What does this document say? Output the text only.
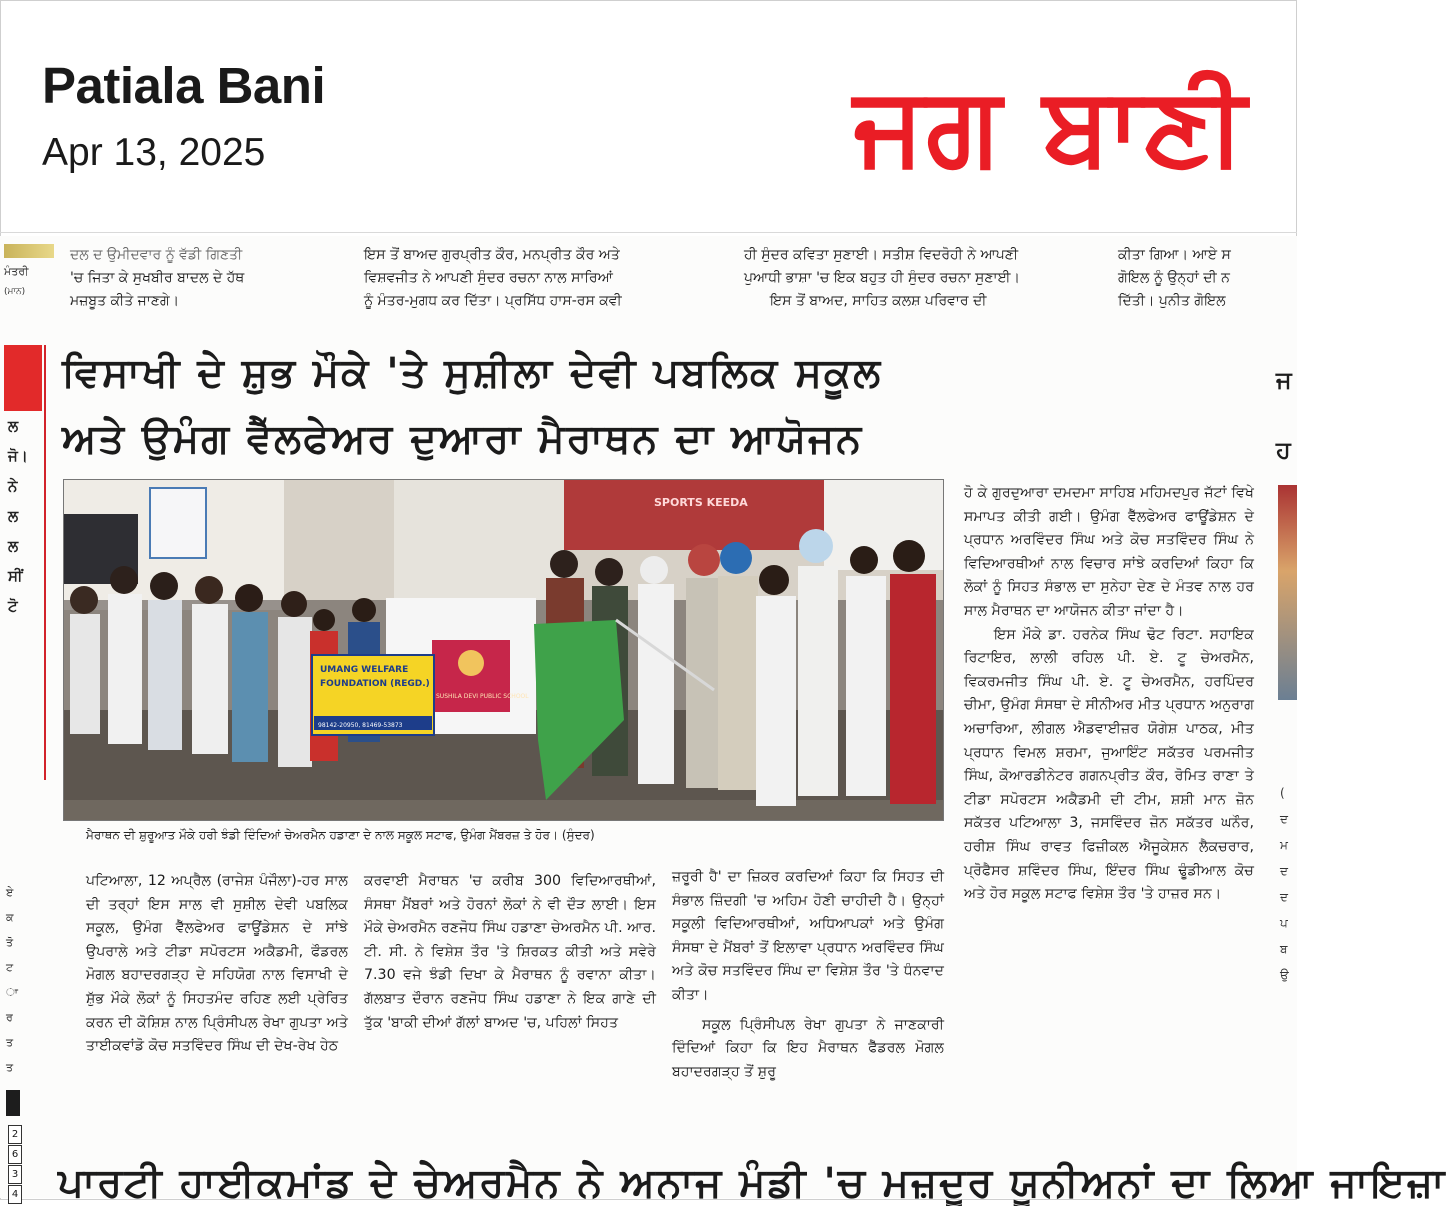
Patiala Bani
Apr 13, 2025	ਜਗ ਬਾਣੀ
ਮੰਤਰੀ
(ਮਾਨ)
ਦਲ ਦ ਉਮੀਦਵਾਰ ਨੂੰ ਵੱਡੀ ਗਿਣਤੀ
'ਚ ਜਿਤਾ ਕੇ ਸੁਖਬੀਰ ਬਾਦਲ ਦੇ ਹੱਥ
ਮਜ਼ਬੂਤ ਕੀਤੇ ਜਾਣਗੇ।
ਇਸ ਤੋਂ ਬਾਅਦ ਗੁਰਪ੍ਰੀਤ ਕੌਰ, ਮਨਪ੍ਰੀਤ ਕੌਰ ਅਤੇ
ਵਿਸ਼ਵਜੀਤ ਨੇ ਆਪਣੀ ਸੁੰਦਰ ਰਚਨਾ ਨਾਲ ਸਾਰਿਆਂ
ਨੂੰ ਮੰਤਰ-ਮੁਗਧ ਕਰ ਦਿੱਤਾ। ਪ੍ਰਸਿੱਧ ਹਾਸ-ਰਸ ਕਵੀ
ਹੀ ਸੁੰਦਰ ਕਵਿਤਾ ਸੁਣਾਈ। ਸਤੀਸ਼ ਵਿਦਰੋਹੀ ਨੇ ਆਪਣੀ
ਪੁਆਧੀ ਭਾਸ਼ਾ 'ਚ ਇਕ ਬਹੁਤ ਹੀ ਸੁੰਦਰ ਰਚਨਾ ਸੁਣਾਈ।
ਇਸ ਤੋਂ ਬਾਅਦ, ਸਾਹਿਤ ਕਲਸ਼ ਪਰਿਵਾਰ ਦੀ
ਕੀਤਾ ਗਿਆ। ਆਏ ਸ
ਗੋਇਲ ਨੂੰ ਉਨ੍ਹਾਂ ਦੀ ਨ
ਦਿੱਤੀ। ਪੁਨੀਤ ਗੋਇਲ
ਲ
ਜੋ।
ਨੇ
ਲ
ਲ
ਸੀਂ
ਟੋ
ਏ
ਕ
ਤੋ
ਟ
ਾ
ਰ
ਤ
ਤ
2
6
3
4
ਵਿਸਾਖੀ ਦੇ ਸ਼ੁਭ ਮੌਕੇ 'ਤੇ ਸੁਸ਼ੀਲਾ ਦੇਵੀ ਪਬਲਿਕ ਸਕੂਲ
ਅਤੇ ਉਮੰਗ ਵੈੱਲਫੇਅਰ ਦੁਆਰਾ ਮੈਰਾਥਨ ਦਾ ਆਯੋਜਨ
SPORTS KEEDA
SUSHILA DEVI PUBLIC SCHOOL
UMANG WELFARE
FOUNDATION (REGD.)
98142-20950, 81469-53873
ਮੈਰਾਥਨ ਦੀ ਸ਼ੁਰੂਆਤ ਮੌਕੇ ਹਰੀ ਝੰਡੀ ਦਿੰਦਿਆਂ ਚੇਅਰਮੈਨ ਹਡਾਣਾ ਦੇ ਨਾਲ ਸਕੂਲ ਸਟਾਫ, ਉਮੰਗ ਮੈਂਬਰਜ਼ ਤੇ ਹੋਰ। (ਸੁੰਦਰ)
ਪਟਿਆਲਾ, 12 ਅਪ੍ਰੈਲ (ਰਾਜੇਸ਼ ਪੰਜੌਲਾ)-ਹਰ ਸਾਲ ਦੀ ਤਰ੍ਹਾਂ ਇਸ ਸਾਲ ਵੀ ਸੁਸ਼ੀਲ ਦੇਵੀ ਪਬਲਿਕ ਸਕੂਲ, ਉਮੰਗ ਵੈੱਲਫੇਅਰ ਫਾਊਂਡੇਸ਼ਨ ਦੇ ਸਾਂਝੇ ਉਪਰਾਲੇ ਅਤੇ ਟੀਡਾ ਸਪੋਰਟਸ ਅਕੈਡਮੀ, ਫੌਡਰਲ ਮੋਗਲ ਬਹਾਦਰਗੜ੍ਹ ਦੇ ਸਹਿਯੋਗ ਨਾਲ ਵਿਸਾਖੀ ਦੇ ਸ਼ੁੱਭ ਮੌਕੇ ਲੋਕਾਂ ਨੂੰ ਸਿਹਤਮੰਦ ਰਹਿਣ ਲਈ ਪ੍ਰੇਰਿਤ ਕਰਨ ਦੀ ਕੋਸ਼ਿਸ਼ ਨਾਲ ਪ੍ਰਿੰਸੀਪਲ ਰੇਖਾ ਗੁਪਤਾ ਅਤੇ ਤਾਈਕਵਾਂਡੋ ਕੋਚ ਸਤਵਿੰਦਰ ਸਿੰਘ ਦੀ ਦੇਖ-ਰੇਖ ਹੇਠ
ਕਰਵਾਈ ਮੈਰਾਥਨ 'ਚ ਕਰੀਬ 300 ਵਿਦਿਆਰਥੀਆਂ, ਸੰਸਥਾ ਮੈਂਬਰਾਂ ਅਤੇ ਹੋਰਨਾਂ ਲੋਕਾਂ ਨੇ ਵੀ ਦੌੜ ਲਾਈ। ਇਸ ਮੌਕੇ ਚੇਅਰਮੈਨ ਰਣਜੋਧ ਸਿੰਘ ਹਡਾਣਾ ਚੇਅਰਮੈਨ ਪੀ. ਆਰ. ਟੀ. ਸੀ. ਨੇ ਵਿਸ਼ੇਸ਼ ਤੌਰ 'ਤੇ ਸ਼ਿਰਕਤ ਕੀਤੀ ਅਤੇ ਸਵੇਰੇ 7.30 ਵਜੇ ਝੰਡੀ ਦਿਖਾ ਕੇ ਮੈਰਾਥਨ ਨੂੰ ਰਵਾਨਾ ਕੀਤਾ। ਗੱਲਬਾਤ ਦੌਰਾਨ ਰਣਜੋਧ ਸਿੰਘ ਹਡਾਣਾ ਨੇ ਇਕ ਗਾਣੇ ਦੀ ਤੁੱਕ 'ਬਾਕੀ ਦੀਆਂ ਗੱਲਾਂ ਬਾਅਦ 'ਚ, ਪਹਿਲਾਂ ਸਿਹਤ
ਜ਼ਰੂਰੀ ਹੈ' ਦਾ ਜ਼ਿਕਰ ਕਰਦਿਆਂ ਕਿਹਾ ਕਿ ਸਿਹਤ ਦੀ ਸੰਭਾਲ ਜ਼ਿੰਦਗੀ 'ਚ ਅਹਿਮ ਹੋਣੀ ਚਾਹੀਦੀ ਹੈ। ਉਨ੍ਹਾਂ ਸਕੂਲੀ ਵਿਦਿਆਰਥੀਆਂ, ਅਧਿਆਪਕਾਂ ਅਤੇ ਉਮੰਗ ਸੰਸਥਾ ਦੇ ਮੈਂਬਰਾਂ ਤੋਂ ਇਲਾਵਾ ਪ੍ਰਧਾਨ ਅਰਵਿੰਦਰ ਸਿੰਘ ਅਤੇ ਕੋਚ ਸਤਵਿੰਦਰ ਸਿੰਘ ਦਾ ਵਿਸ਼ੇਸ਼ ਤੌਰ 'ਤੇ ਧੰਨਵਾਦ ਕੀਤਾ।
ਸਕੂਲ ਪ੍ਰਿੰਸੀਪਲ ਰੇਖਾ ਗੁਪਤਾ ਨੇ ਜਾਣਕਾਰੀ ਦਿੰਦਿਆਂ ਕਿਹਾ ਕਿ ਇਹ ਮੈਰਾਥਨ ਫੈੱਡਰਲ ਮੋਗਲ ਬਹਾਦਰਗੜ੍ਹ ਤੋਂ ਸ਼ੁਰੂ
ਹੋ ਕੇ ਗੁਰਦੁਆਰਾ ਦਮਦਮਾ ਸਾਹਿਬ ਮਹਿਮਦਪੁਰ ਜੱਟਾਂ ਵਿਖੇ ਸਮਾਪਤ ਕੀਤੀ ਗਈ। ਉਮੰਗ ਵੈੱਲਫੇਅਰ ਫਾਊਂਡੇਸ਼ਨ ਦੇ ਪ੍ਰਧਾਨ ਅਰਵਿੰਦਰ ਸਿੰਘ ਅਤੇ ਕੋਚ ਸਤਵਿੰਦਰ ਸਿੰਘ ਨੇ ਵਿਦਿਆਰਥੀਆਂ ਨਾਲ ਵਿਚਾਰ ਸਾਂਝੇ ਕਰਦਿਆਂ ਕਿਹਾ ਕਿ ਲੋਕਾਂ ਨੂੰ ਸਿਹਤ ਸੰਭਾਲ ਦਾ ਸੁਨੇਹਾ ਦੇਣ ਦੇ ਮੰਤਵ ਨਾਲ ਹਰ ਸਾਲ ਮੈਰਾਥਨ ਦਾ ਆਯੋਜਨ ਕੀਤਾ ਜਾਂਦਾ ਹੈ।
ਇਸ ਮੌਕੇ ਡਾ. ਹਰਨੇਕ ਸਿੰਘ ਢੋਟ ਰਿਟਾ. ਸਹਾਇਕ ਰਿਟਾਇਰ, ਲਾਲੀ ਰਹਿਲ ਪੀ. ਏ. ਟੂ ਚੇਅਰਮੈਨ, ਵਿਕਰਮਜੀਤ ਸਿੰਘ ਪੀ. ਏ. ਟੂ ਚੇਅਰਮੈਨ, ਹਰਪਿੰਦਰ ਚੀਮਾ, ਉਮੰਗ ਸੰਸਥਾ ਦੇ ਸੀਨੀਅਰ ਮੀਤ ਪ੍ਰਧਾਨ ਅਨੁਰਾਗ ਅਚਾਰਿਆ, ਲੀਗਲ ਐਡਵਾਈਜ਼ਰ ਯੋਗੇਸ਼ ਪਾਠਕ, ਮੀਤ ਪ੍ਰਧਾਨ ਵਿਮਲ ਸ਼ਰਮਾ, ਜੁਆਇੰਟ ਸਕੱਤਰ ਪਰਮਜੀਤ ਸਿੰਘ, ਕੋਆਰਡੀਨੇਟਰ ਗਗਨਪ੍ਰੀਤ ਕੌਰ, ਰੋਮਿਤ ਰਾਣਾ ਤੇ ਟੀਡਾ ਸਪੋਰਟਸ ਅਕੈਡਮੀ ਦੀ ਟੀਮ, ਸ਼ਸ਼ੀ ਮਾਨ ਜ਼ੋਨ ਸਕੱਤਰ ਪਟਿਆਲਾ 3, ਜਸਵਿੰਦਰ ਜ਼ੋਨ ਸਕੱਤਰ ਘਨੌਰ, ਹਰੀਸ਼ ਸਿੰਘ ਰਾਵਤ ਫਿਜ਼ੀਕਲ ਐਜੂਕੇਸ਼ਨ ਲੈਕਚਰਾਰ, ਪ੍ਰੋਫੈਸਰ ਸ਼ਵਿੰਦਰ ਸਿੰਘ, ਇੰਦਰ ਸਿੰਘ ਢੂੰਡੀਆਲ ਕੋਚ ਅਤੇ ਹੋਰ ਸਕੂਲ ਸਟਾਫ ਵਿਸ਼ੇਸ਼ ਤੌਰ 'ਤੇ ਹਾਜ਼ਰ ਸਨ।
ਜ
ਹ
(
ਦ
ਮ
ਦ
ਦ
ਪ
ਬ
ਉ
ਪਾਰਟੀ ਹਾਈਕਮਾਂਡ ਦੇ ਚੇਅਰਮੈਨ ਨੇ ਅਨਾਜ ਮੰਡੀ 'ਚ ਮਜ਼ਦੂਰ ਯੂਨੀਅਨਾਂ ਦਾ ਲਿਆ ਜਾਇਜ਼ਾ
